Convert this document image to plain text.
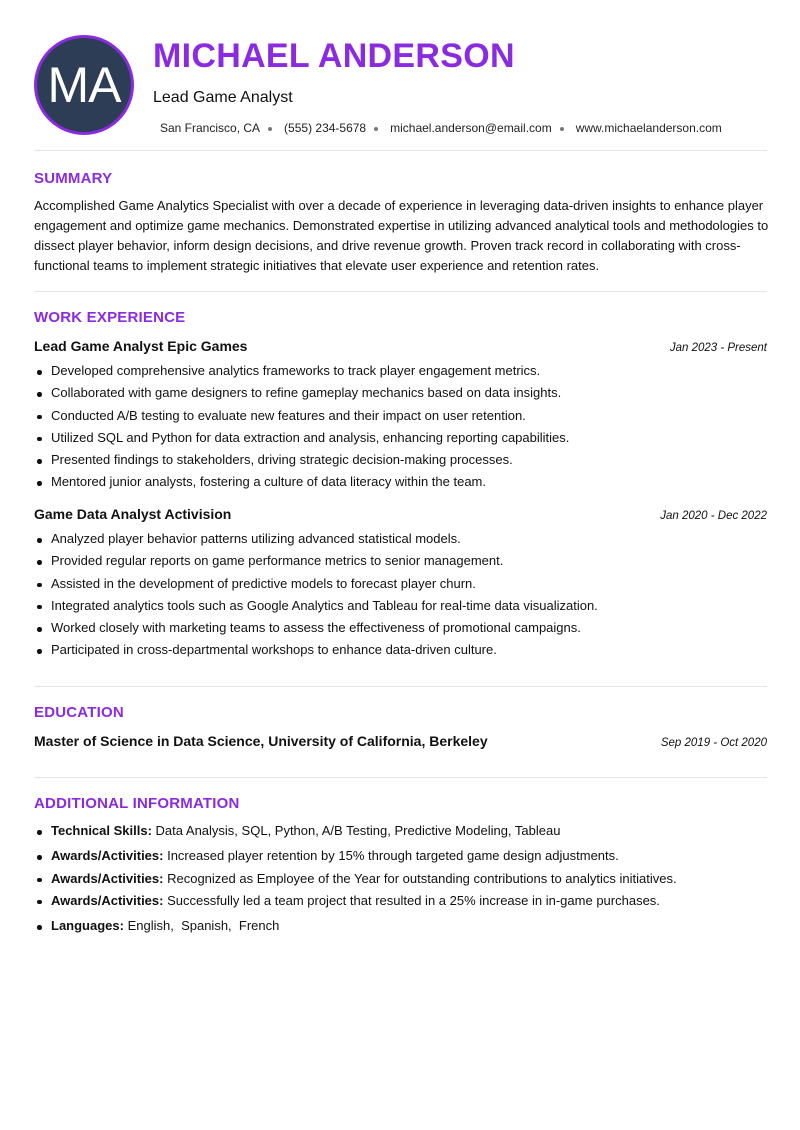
MA
MICHAEL ANDERSON
Lead Game Analyst
San Francisco, CA (555) 234-5678 michael.anderson@email.com www.michaelanderson.com
SUMMARY
Accomplished Game Analytics Specialist with over a decade of experience in leveraging data-driven insights to enhance player engagement and optimize game mechanics. Demonstrated expertise in utilizing advanced analytical tools and methodologies to dissect player behavior, inform design decisions, and drive revenue growth. Proven track record in collaborating with cross-functional teams to implement strategic initiatives that elevate user experience and retention rates.
WORK EXPERIENCE
Lead Game Analyst Epic Games	Jan 2023 - Present
Developed comprehensive analytics frameworks to track player engagement metrics.
Collaborated with game designers to refine gameplay mechanics based on data insights.
Conducted A/B testing to evaluate new features and their impact on user retention.
Utilized SQL and Python for data extraction and analysis, enhancing reporting capabilities.
Presented findings to stakeholders, driving strategic decision-making processes.
Mentored junior analysts, fostering a culture of data literacy within the team.
Game Data Analyst Activision	Jan 2020 - Dec 2022
Analyzed player behavior patterns utilizing advanced statistical models.
Provided regular reports on game performance metrics to senior management.
Assisted in the development of predictive models to forecast player churn.
Integrated analytics tools such as Google Analytics and Tableau for real-time data visualization.
Worked closely with marketing teams to assess the effectiveness of promotional campaigns.
Participated in cross-departmental workshops to enhance data-driven culture.
EDUCATION
Master of Science in Data Science, University of California, Berkeley	Sep 2019 - Oct 2020
ADDITIONAL INFORMATION
Technical Skills: Data Analysis, SQL, Python, A/B Testing, Predictive Modeling, Tableau
Awards/Activities: Increased player retention by 15% through targeted game design adjustments.
Awards/Activities: Recognized as Employee of the Year for outstanding contributions to analytics initiatives.
Awards/Activities: Successfully led a team project that resulted in a 25% increase in in-game purchases.
Languages: English,  Spanish,  French
